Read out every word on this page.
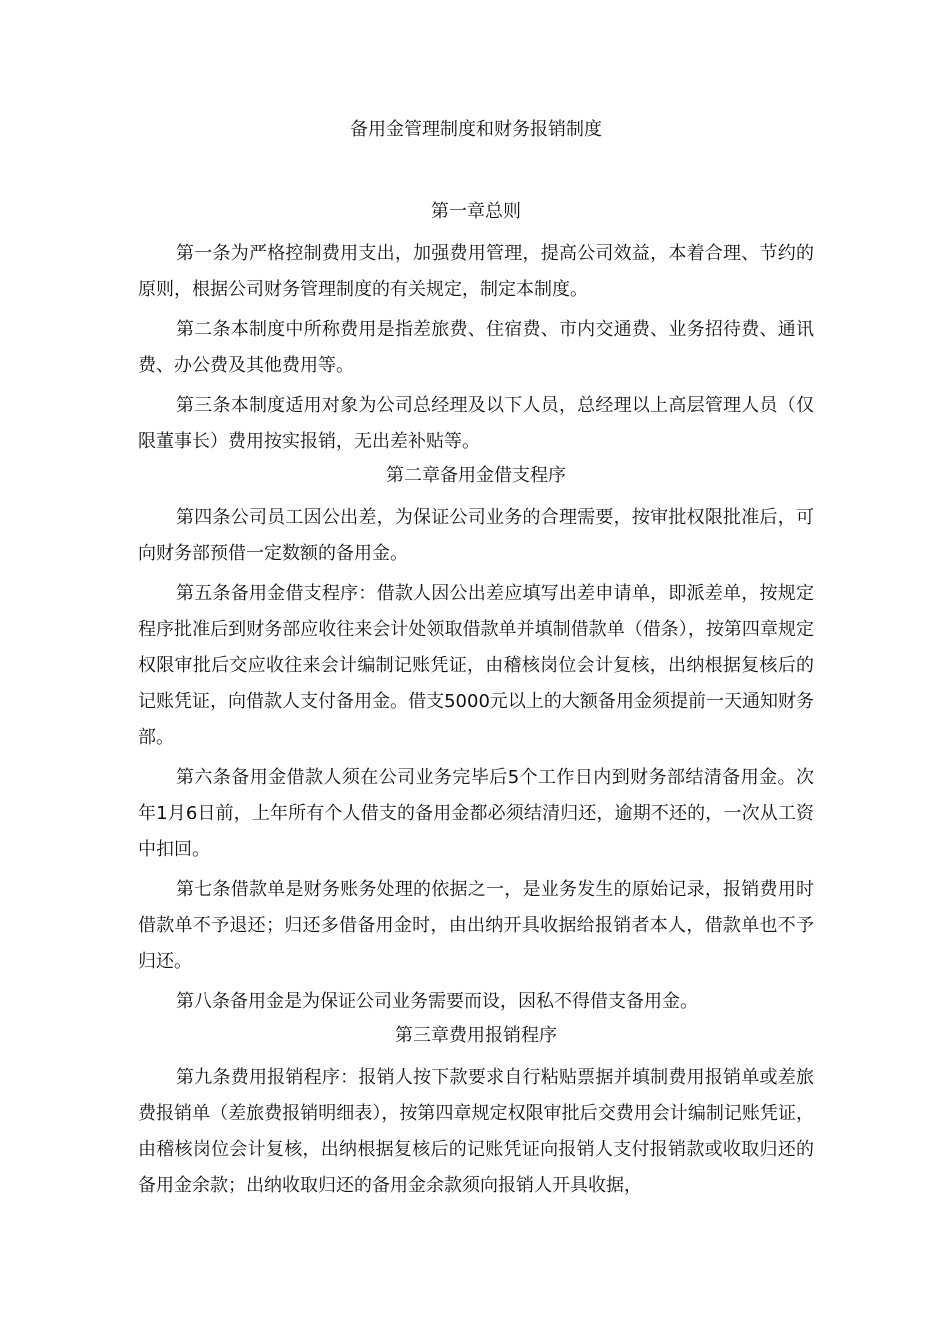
备用金管理制度和财务报销制度
第一章总则

第一条为严格控制费用支出，加强费用管理，提高公司效益，本着合理、节约的原则，根据公司财务管理制度的有关规定，制定本制度。

第二条本制度中所称费用是指差旅费、住宿费、市内交通费、业务招待费、通讯费、办公费及其他费用等。

第三条本制度适用对象为公司总经理及以下人员，总经理以上高层管理人员（仅限董事长）费用按实报销，无出差补贴等。

第二章备用金借支程序

第四条公司员工因公出差，为保证公司业务的合理需要，按审批权限批准后，可向财务部预借一定数额的备用金。

第五条备用金借支程序：借款人因公出差应填写出差申请单，即派差单，按规定程序批准后到财务部应收往来会计处领取借款单并填制借款单（借条），按第四章规定权限审批后交应收往来会计编制记账凭证，由稽核岗位会计复核，出纳根据复核后的记账凭证，向借款人支付备用金。借支5000元以上的大额备用金须提前一天通知财务部。

第六条备用金借款人须在公司业务完毕后5个工作日内到财务部结清备用金。次年1月6日前，上年所有个人借支的备用金都必须结清归还，逾期不还的，一次从工资中扣回。

第七条借款单是财务账务处理的依据之一，是业务发生的原始记录，报销费用时借款单不予退还；归还多借备用金时，由出纳开具收据给报销者本人，借款单也不予归还。

第八条备用金是为保证公司业务需要而设，因私不得借支备用金。

第三章费用报销程序

第九条费用报销程序：报销人按下款要求自行粘贴票据并填制费用报销单或差旅费报销单（差旅费报销明细表），按第四章规定权限审批后交费用会计编制记账凭证，由稽核岗位会计复核，出纳根据复核后的记账凭证向报销人支付报销款或收取归还的备用金余款；出纳收取归还的备用金余款须向报销人开具收据，
